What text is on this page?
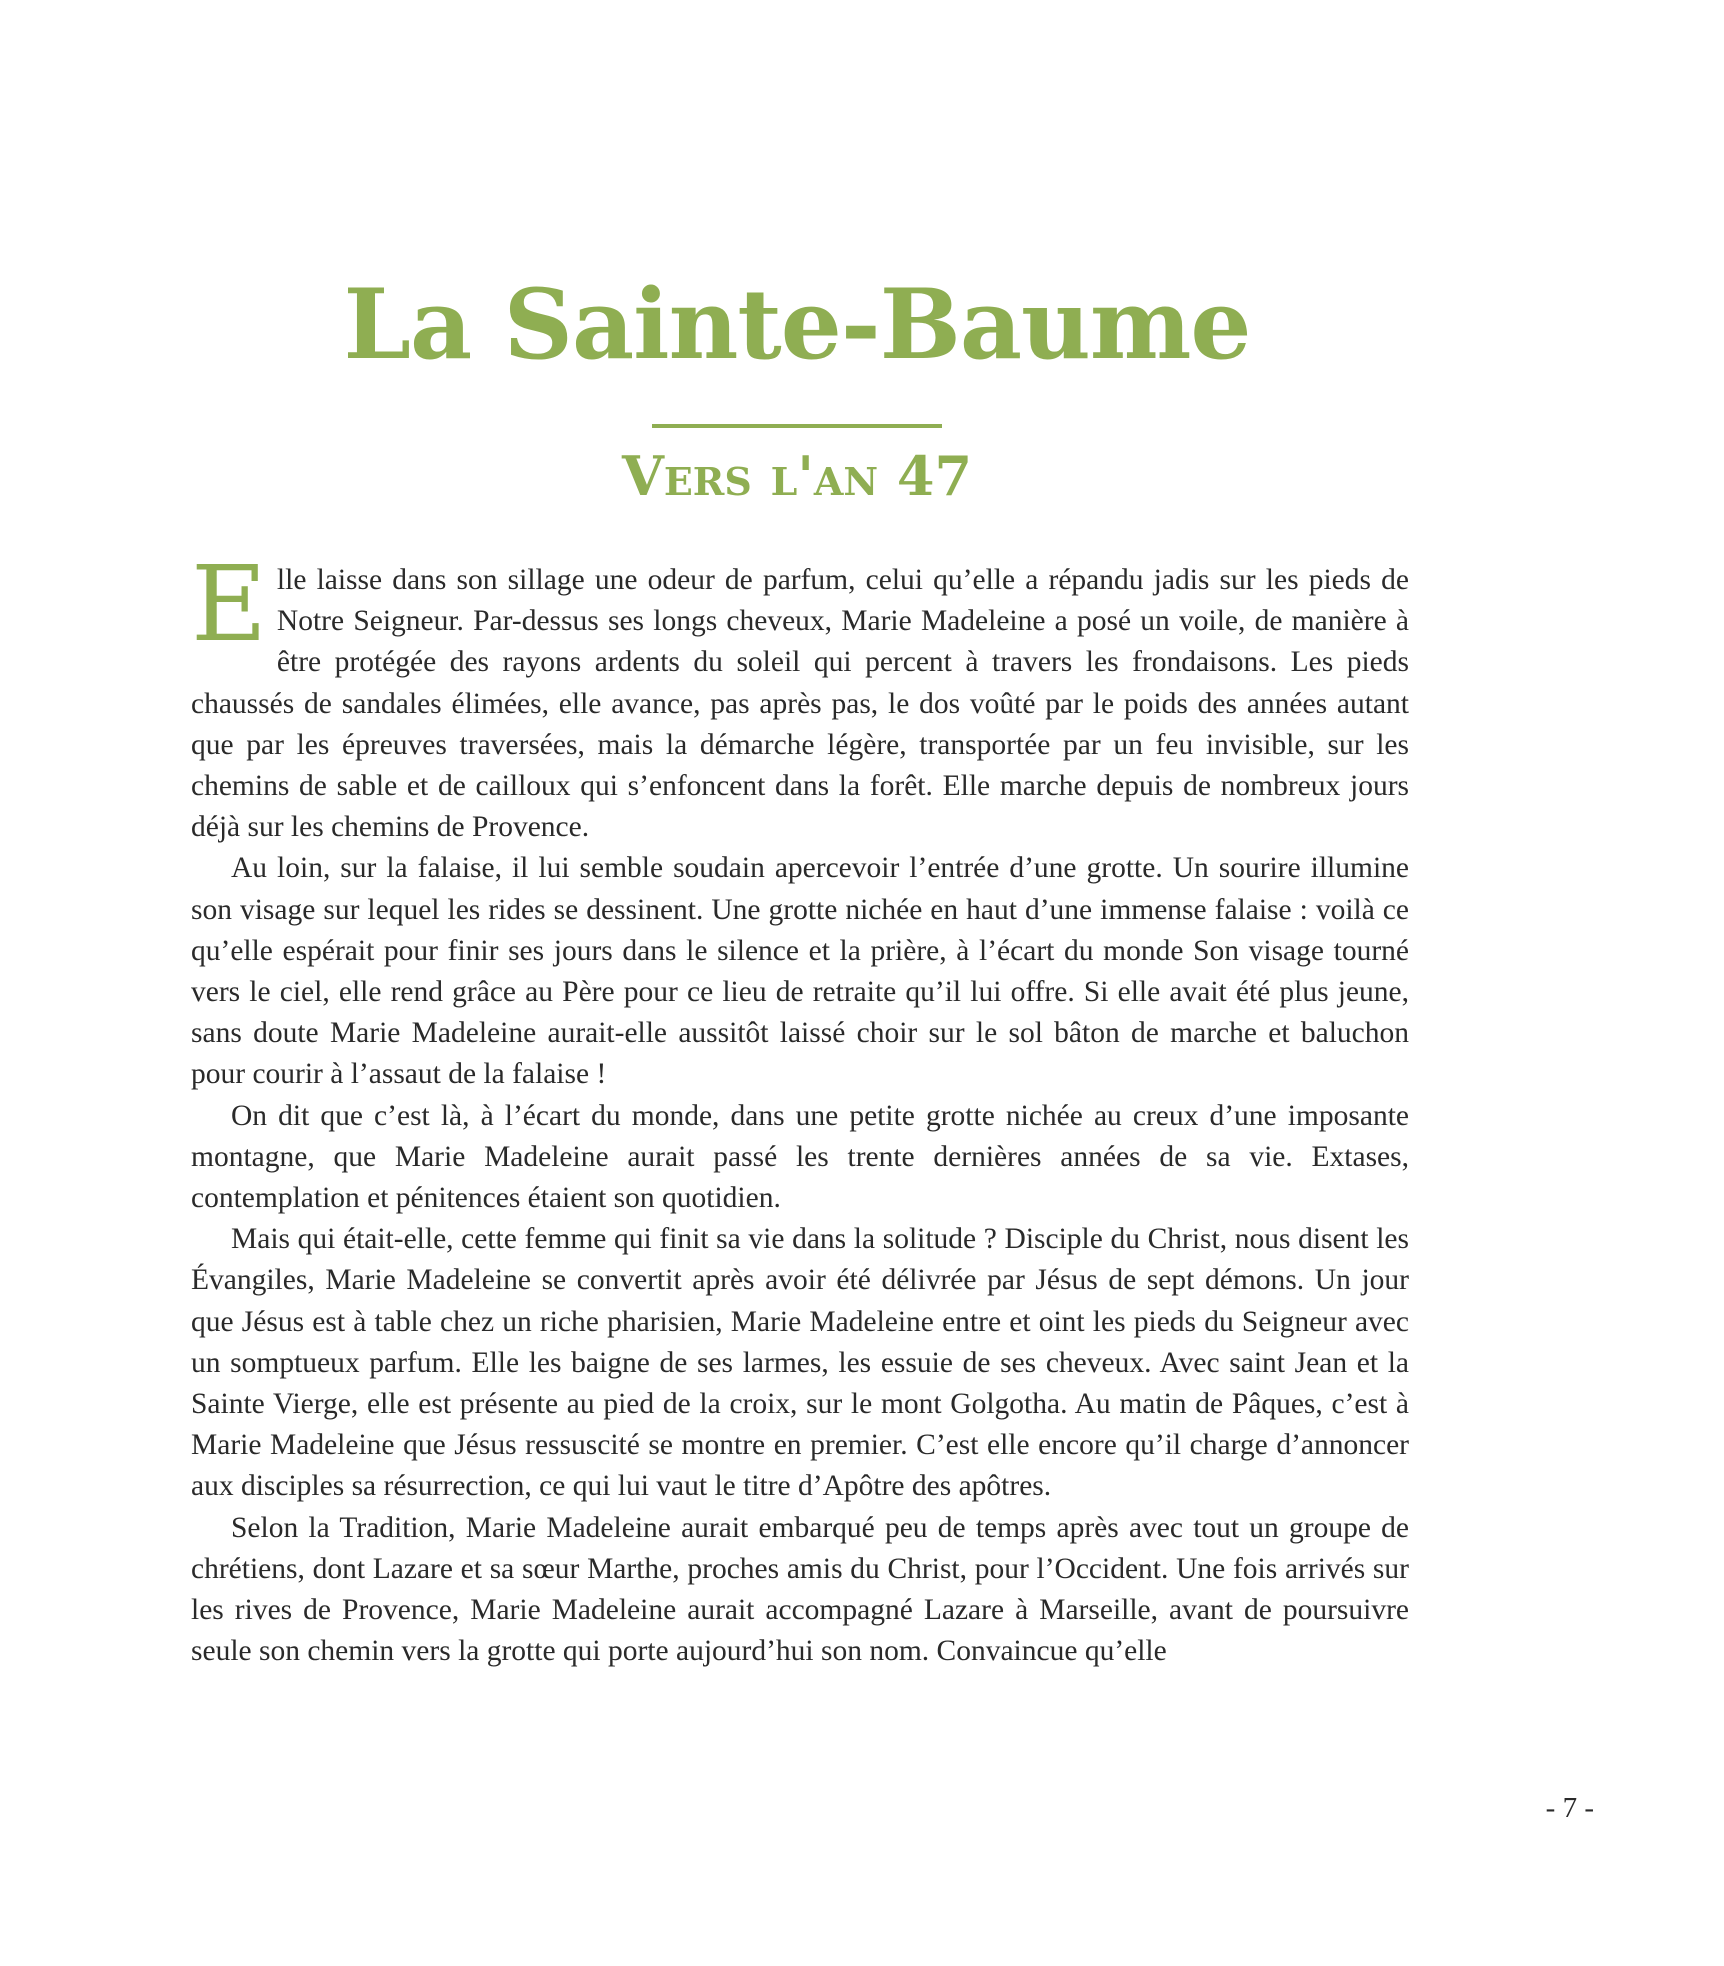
La Sainte-Baume
Vers l'an 47

Elle laisse dans son sillage une odeur de parfum, celui qu’elle a répandu jadis sur les pieds de Notre Seigneur. Par-dessus ses longs cheveux, Marie Madeleine a posé un voile, de manière à être protégée des rayons ardents du soleil qui percent à travers les frondaisons. Les pieds chaussés de sandales élimées, elle avance, pas après pas, le dos voûté par le poids des années autant que par les épreuves traversées, mais la démarche légère, transportée par un feu invisible, sur les chemins de sable et de cailloux qui s’enfoncent dans la forêt. Elle marche depuis de nombreux jours déjà sur les chemins de Provence.

Au loin, sur la falaise, il lui semble soudain apercevoir l’entrée d’une grotte. Un sourire illumine son visage sur lequel les rides se dessinent. Une grotte nichée en haut d’une immense falaise : voilà ce qu’elle espérait pour finir ses jours dans le silence et la prière, à l’écart du monde Son visage tourné vers le ciel, elle rend grâce au Père pour ce lieu de retraite qu’il lui offre. Si elle avait été plus jeune, sans doute Marie Madeleine aurait-elle aussitôt laissé choir sur le sol bâton de marche et baluchon pour courir à l’assaut de la falaise !

On dit que c’est là, à l’écart du monde, dans une petite grotte nichée au creux d’une imposante montagne, que Marie Madeleine aurait passé les trente dernières années de sa vie. Extases, contemplation et pénitences étaient son quotidien.

Mais qui était-elle, cette femme qui finit sa vie dans la solitude ? Disciple du Christ, nous disent les Évangiles, Marie Madeleine se convertit après avoir été délivrée par Jésus de sept démons. Un jour que Jésus est à table chez un riche pharisien, Marie Madeleine entre et oint les pieds du Seigneur avec un somptueux parfum. Elle les baigne de ses larmes, les essuie de ses cheveux. Avec saint Jean et la Sainte Vierge, elle est présente au pied de la croix, sur le mont Golgotha. Au matin de Pâques, c’est à Marie Madeleine que Jésus ressuscité se montre en premier. C’est elle encore qu’il charge d’annoncer aux disciples sa résurrection, ce qui lui vaut le titre d’Apôtre des apôtres.

Selon la Tradition, Marie Madeleine aurait embarqué peu de temps après avec tout un groupe de chrétiens, dont Lazare et sa sœur Marthe, proches amis du Christ, pour l’Occident. Une fois arrivés sur les rives de Provence, Marie Madeleine aurait accompagné Lazare à Marseille, avant de poursuivre seule son chemin vers la grotte qui porte aujourd’hui son nom. Convaincue qu’elle

- 7 -
